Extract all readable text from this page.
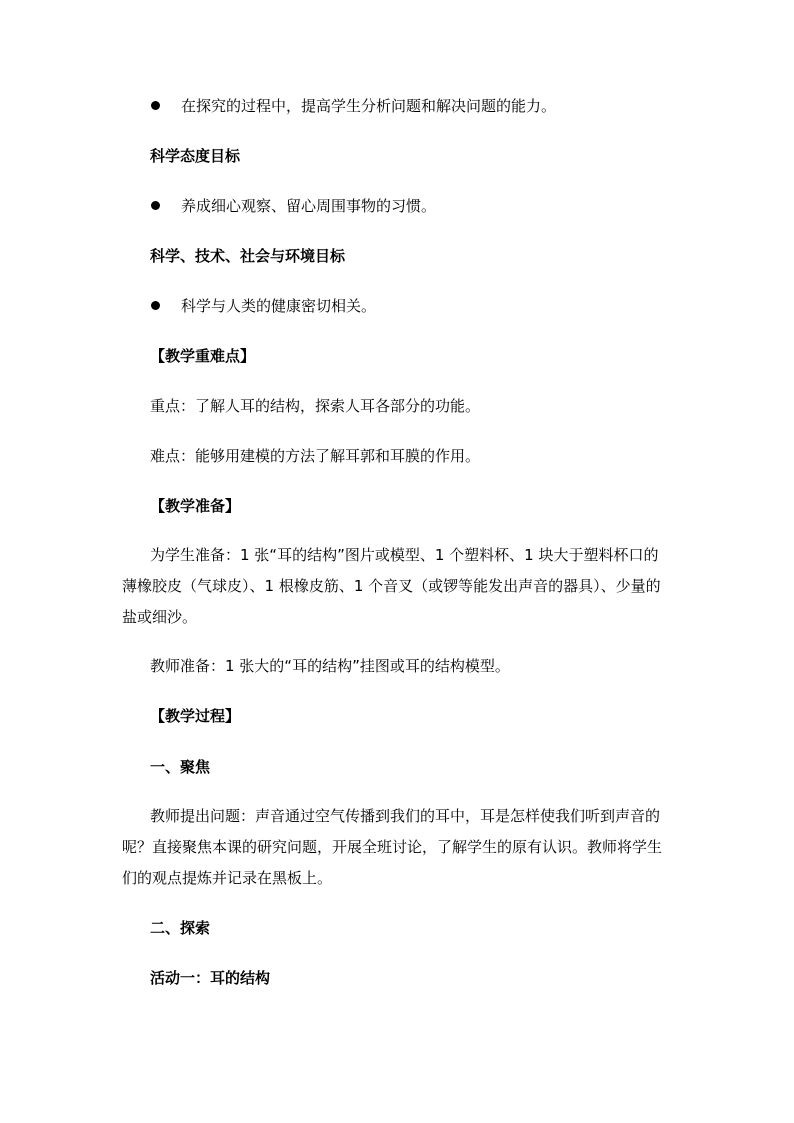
在探究的过程中，提高学生分析问题和解决问题的能力。
科学态度目标
养成细心观察、留心周围事物的习惯。
科学、技术、社会与环境目标
科学与人类的健康密切相关。
【教学重难点】
重点：了解人耳的结构，探索人耳各部分的功能。
难点：能够用建模的方法了解耳郭和耳膜的作用。
【教学准备】
为学生准备：1 张“耳的结构”图片或模型、1 个塑料杯、1 块大于塑料杯口的薄橡胶皮（气球皮）、1 根橡皮筋、1 个音叉（或锣等能发出声音的器具）、少量的盐或细沙。
教师准备：1 张大的“耳的结构”挂图或耳的结构模型。
【教学过程】
一、聚焦
教师提出问题：声音通过空气传播到我们的耳中，耳是怎样使我们听到声音的呢？直接聚焦本课的研究问题，开展全班讨论，了解学生的原有认识。教师将学生们的观点提炼并记录在黑板上。
二、探索
活动一：耳的结构
